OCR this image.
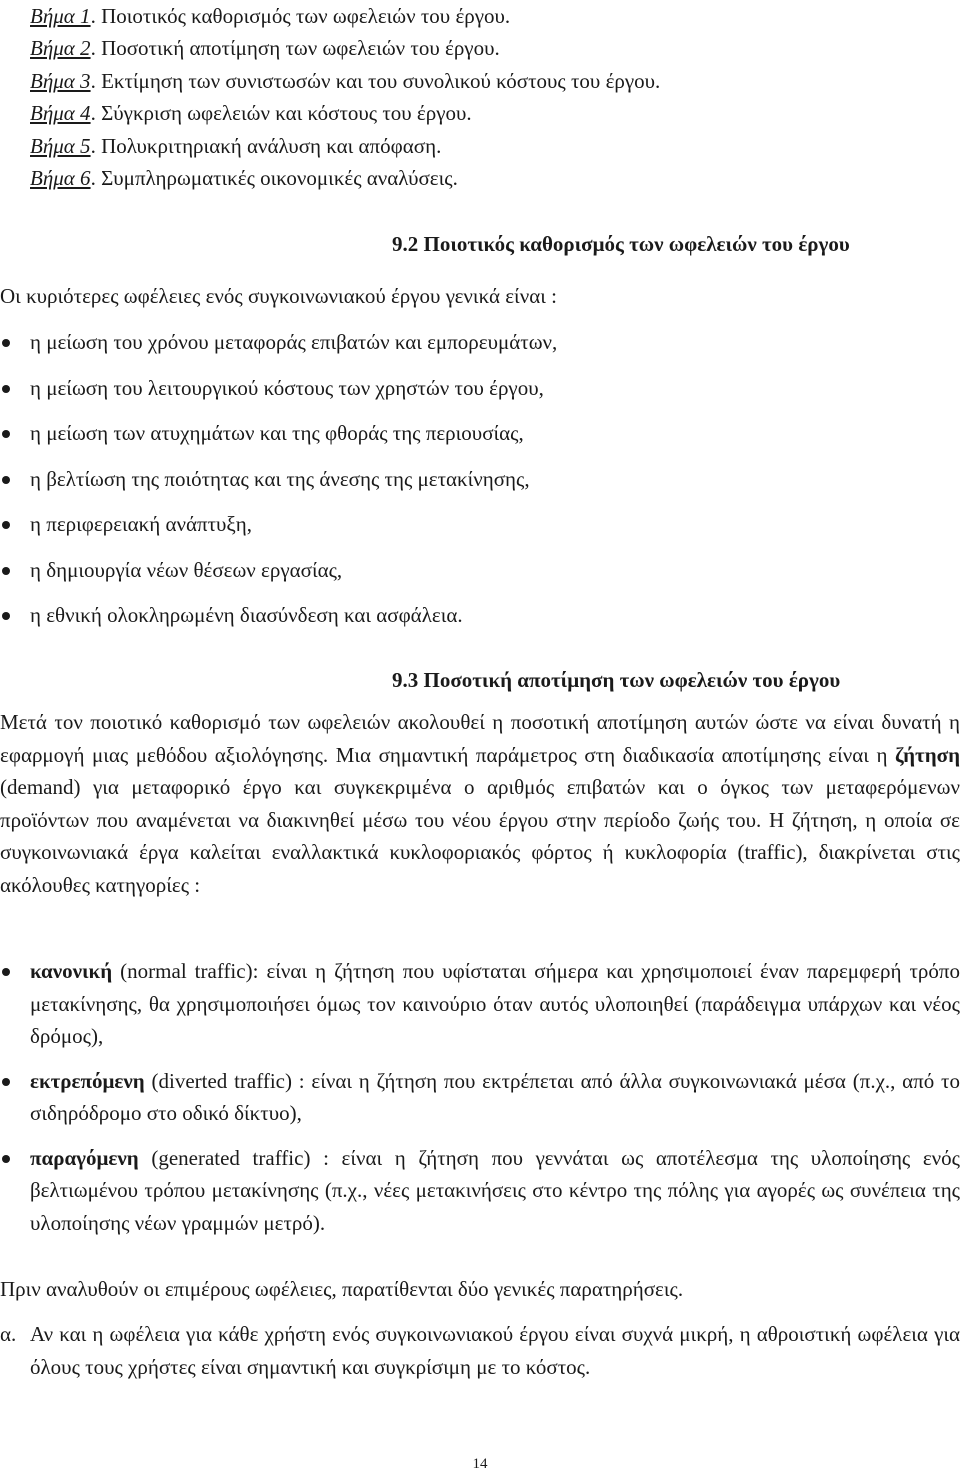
Βήμα 1. Ποιοτικός καθορισμός των ωφελειών του έργου.
Βήμα 2. Ποσοτική αποτίμηση των ωφελειών του έργου.
Βήμα 3. Εκτίμηση των συνιστωσών και του συνολικού κόστους του έργου.
Βήμα 4. Σύγκριση ωφελειών και κόστους του έργου.
Βήμα 5. Πολυκριτηριακή ανάλυση και απόφαση.
Βήμα 6. Συμπληρωματικές οικονομικές αναλύσεις.
9.2 Ποιοτικός καθορισμός των ωφελειών του έργου
Οι κυριότερες ωφέλειες ενός συγκοινωνιακού έργου γενικά είναι :
η μείωση του χρόνου μεταφοράς επιβατών και εμπορευμάτων,
η μείωση του λειτουργικού κόστους των χρηστών του έργου,
η μείωση των ατυχημάτων και της φθοράς της περιουσίας,
η βελτίωση της ποιότητας και της άνεσης της μετακίνησης,
η περιφερειακή ανάπτυξη,
η δημιουργία νέων θέσεων εργασίας,
η εθνική ολοκληρωμένη διασύνδεση και ασφάλεια.
9.3 Ποσοτική αποτίμηση των ωφελειών του έργου
Μετά τον ποιοτικό καθορισμό των ωφελειών ακολουθεί η ποσοτική αποτίμηση αυτών ώστε να είναι δυνατή η εφαρμογή μιας μεθόδου αξιολόγησης. Μια σημαντική παράμετρος στη διαδικασία αποτίμησης είναι η ζήτηση (demand) για μεταφορικό έργο και συγκεκριμένα ο αριθμός επιβατών και ο όγκος των μεταφερόμενων προϊόντων που αναμένεται να διακινηθεί μέσω του νέου έργου στην περίοδο ζωής του. Η ζήτηση, η οποία σε συγκοινωνιακά έργα καλείται εναλλακτικά κυκλοφοριακός φόρτος ή κυκλοφορία (traffic), διακρίνεται στις ακόλουθες κατηγορίες :
κανονική (normal traffic): είναι η ζήτηση που υφίσταται σήμερα και χρησιμοποιεί έναν παρεμφερή τρόπο μετακίνησης, θα χρησιμοποιήσει όμως τον καινούριο όταν αυτός υλοποιηθεί (παράδειγμα υπάρχων και νέος δρόμος),
εκτρεπόμενη (diverted traffic) : είναι η ζήτηση που εκτρέπεται από άλλα συγκοινωνιακά μέσα (π.χ., από το σιδηρόδρομο στο οδικό δίκτυο),
παραγόμενη (generated traffic) : είναι η ζήτηση που γεννάται ως αποτέλεσμα της υλοποίησης ενός βελτιωμένου τρόπου μετακίνησης (π.χ., νέες μετακινήσεις στο κέντρο της πόλης για αγορές ως συνέπεια της υλοποίησης νέων γραμμών μετρό).
Πριν αναλυθούν οι επιμέρους ωφέλειες, παρατίθενται δύο γενικές παρατηρήσεις.
α. Αν και η ωφέλεια για κάθε χρήστη ενός συγκοινωνιακού έργου είναι συχνά μικρή, η αθροιστική ωφέλεια για όλους τους χρήστες είναι σημαντική και συγκρίσιμη με το κόστος.
14
